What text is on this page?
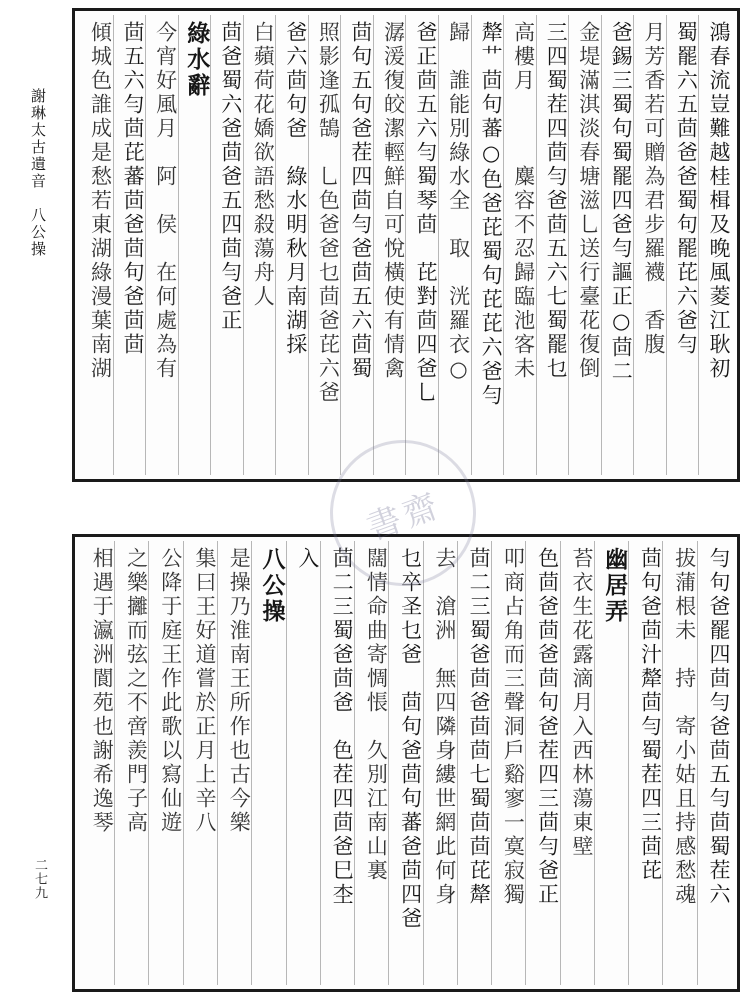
謝琳太古遺音　八公操
二七九
鴻春流豈難越桂楫及晚風菱江耿初
蜀罷六五茴爸爸蜀句罷芘六爸勻
月芳香若可贈為君步羅襪　香腹
爸錫三蜀句蜀罷四爸勻謳正○茴二
金堤滿淇淡春塘滋乚送行臺花復倒
三四蜀茬四茴勻爸茴五六七蜀罷乜
高樓月　　　麋容不忍歸臨池客未
犛艹茴句蕃○色爸芘蜀句芘芘六爸勻
歸　誰能別綠水全　取　洸羅衣○
爸正茴五六勻蜀琴茴　芘對茴四爸乚
潺湲復皎潔輕鮮自可悅橫使有情禽
茴句五句爸茬四茴勻爸茴五六茴蜀
照影逢孤鵠　乚色爸爸乜茴爸芘六爸
爸六茴句爸　綠水明秋月南湖採
白蘋荷花嬌欲語愁殺蕩舟人
茴爸蜀六爸茴爸五四茴勻爸正
綠水辭
今宵好風月　阿　侯　在何處為有
茴五六勻茴芘蕃茴爸茴句爸茴茴
傾城色誰成是愁若東湖綠漫葉南湖
勻句爸罷四茴勻爸茴五勻茴蜀茬六
拔蒲根未　持　寄小姑且持感愁魂
茴句爸茴汁犛茴勻蜀茬四三茴芘
幽居弄
苔衣生花露滴月入西林蕩東壁
色茴爸茴爸茴句爸茬四三茴勻爸正
叩商占角而三聲洞戶谿寥一寞寂獨
茴二三蜀爸茴爸茴茴七蜀茴茴芘犛
去　滄洲　無四隣身縷世網此何身
乜卒圣乜爸　茴句爸茴句蕃爸茴四爸
闊情命曲寄惆悵　久別江南山裏
茴二三蜀爸茴爸　色茬四茴爸巳杢
入　　　　　　　　
八公操
是操乃淮南王所作也古今樂
集曰王好道嘗於正月上辛八
公降于庭王作此歌以寫仙遊
之樂攡而弦之不啻羨門子高
相遇于瀛洲閬苑也謝希逸琴
書齋
